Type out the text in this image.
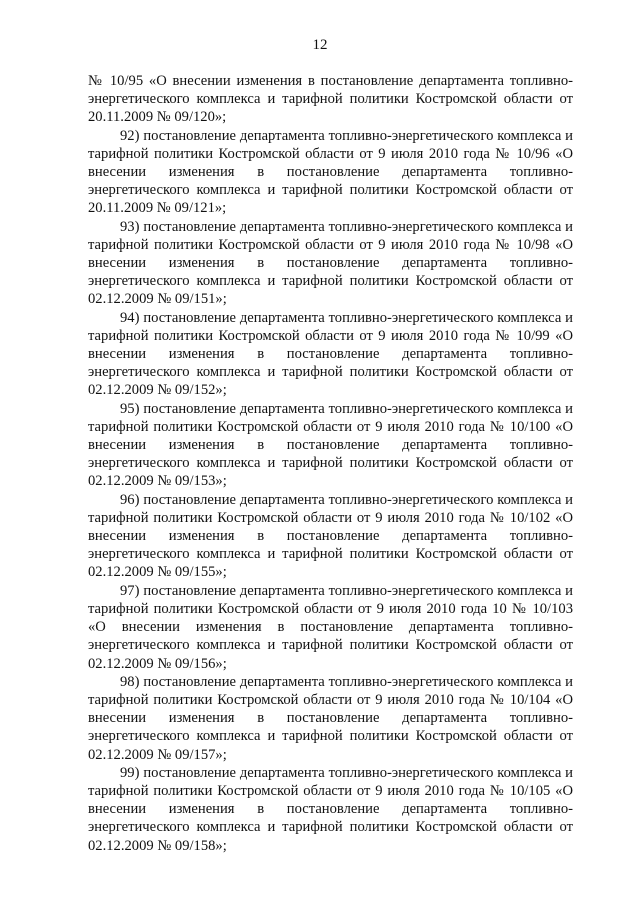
12

№ 10/95 «О внесении изменения в постановление департамента топливно-энергетического комплекса и тарифной политики Костромской области от 20.11.2009 № 09/120»;

92) постановление департамента топливно-энергетического комплекса и тарифной политики Костромской области от 9 июля 2010 года № 10/96 «О внесении изменения в постановление департамента топливно-энергетического комплекса и тарифной политики Костромской области от 20.11.2009 № 09/121»;

93) постановление департамента топливно-энергетического комплекса и тарифной политики Костромской области от 9 июля 2010 года № 10/98 «О внесении изменения в постановление департамента топливно-энергетического комплекса и тарифной политики Костромской области от 02.12.2009 № 09/151»;

94) постановление департамента топливно-энергетического комплекса и тарифной политики Костромской области от 9 июля 2010 года № 10/99 «О внесении изменения в постановление департамента топливно-энергетического комплекса и тарифной политики Костромской области от 02.12.2009 № 09/152»;

95) постановление департамента топливно-энергетического комплекса и тарифной политики Костромской области от 9 июля 2010 года № 10/100 «О внесении изменения в постановление департамента топливно-энергетического комплекса и тарифной политики Костромской области от 02.12.2009 № 09/153»;

96) постановление департамента топливно-энергетического комплекса и тарифной политики Костромской области от 9 июля 2010 года № 10/102 «О внесении изменения в постановление департамента топливно-энергетического комплекса и тарифной политики Костромской области от 02.12.2009 № 09/155»;

97) постановление департамента топливно-энергетического комплекса и тарифной политики Костромской области от 9 июля 2010 года 10 № 10/103 «О внесении изменения в постановление департамента топливно-энергетического комплекса и тарифной политики Костромской области от 02.12.2009 № 09/156»;

98) постановление департамента топливно-энергетического комплекса и тарифной политики Костромской области от 9 июля 2010 года № 10/104 «О внесении изменения в постановление департамента топливно-энергетического комплекса и тарифной политики Костромской области от 02.12.2009 № 09/157»;

99) постановление департамента топливно-энергетического комплекса и тарифной политики Костромской области от 9 июля 2010 года № 10/105 «О внесении изменения в постановление департамента топливно-энергетического комплекса и тарифной политики Костромской области от 02.12.2009 № 09/158»;
